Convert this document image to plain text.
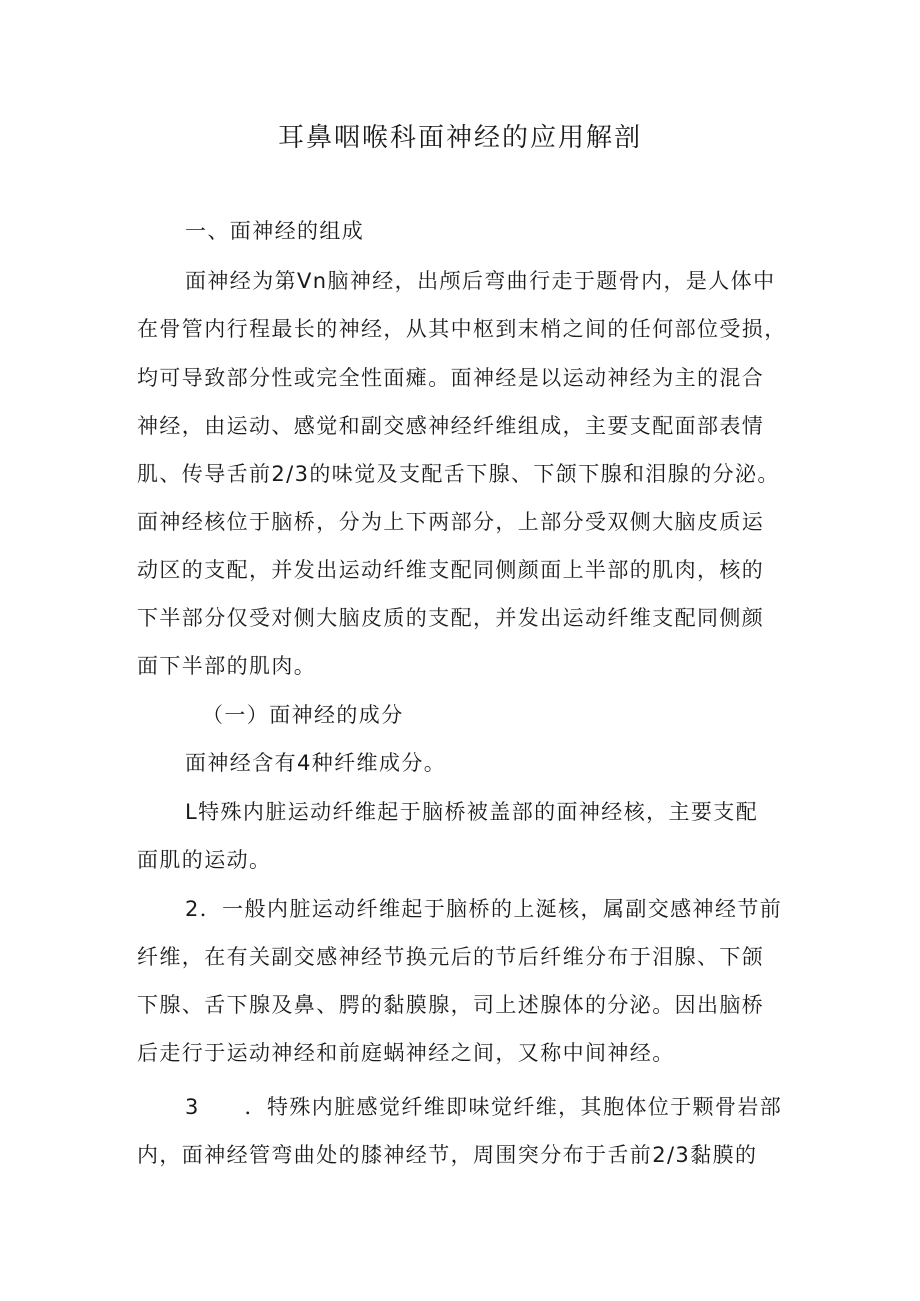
耳鼻咽喉科面神经的应用解剖
一、面神经的组成
面神经为第Vn脑神经，出颅后弯曲行走于题骨内，是人体中
在骨管内行程最长的神经，从其中枢到末梢之间的任何部位受损，
均可导致部分性或完全性面瘫。面神经是以运动神经为主的混合
神经，由运动、感觉和副交感神经纤维组成，主要支配面部表情
肌、传导舌前2/3的味觉及支配舌下腺、下颌下腺和泪腺的分泌。
面神经核位于脑桥，分为上下两部分，上部分受双侧大脑皮质运
动区的支配，并发出运动纤维支配同侧颜面上半部的肌肉，核的
下半部分仅受对侧大脑皮质的支配，并发出运动纤维支配同侧颜
面下半部的肌肉。
（一）面神经的成分
面神经含有4种纤维成分。
L特殊内脏运动纤维起于脑桥被盖部的面神经核，主要支配
面肌的运动。
2．一般内脏运动纤维起于脑桥的上涎核，属副交感神经节前
纤维，在有关副交感神经节换元后的节后纤维分布于泪腺、下颌
下腺、舌下腺及鼻、腭的黏膜腺，司上述腺体的分泌。因出脑桥
后走行于运动神经和前庭蜗神经之间，又称中间神经。
3　　．特殊内脏感觉纤维即味觉纤维，其胞体位于颗骨岩部
内，面神经管弯曲处的膝神经节，周围突分布于舌前2/3黏膜的
